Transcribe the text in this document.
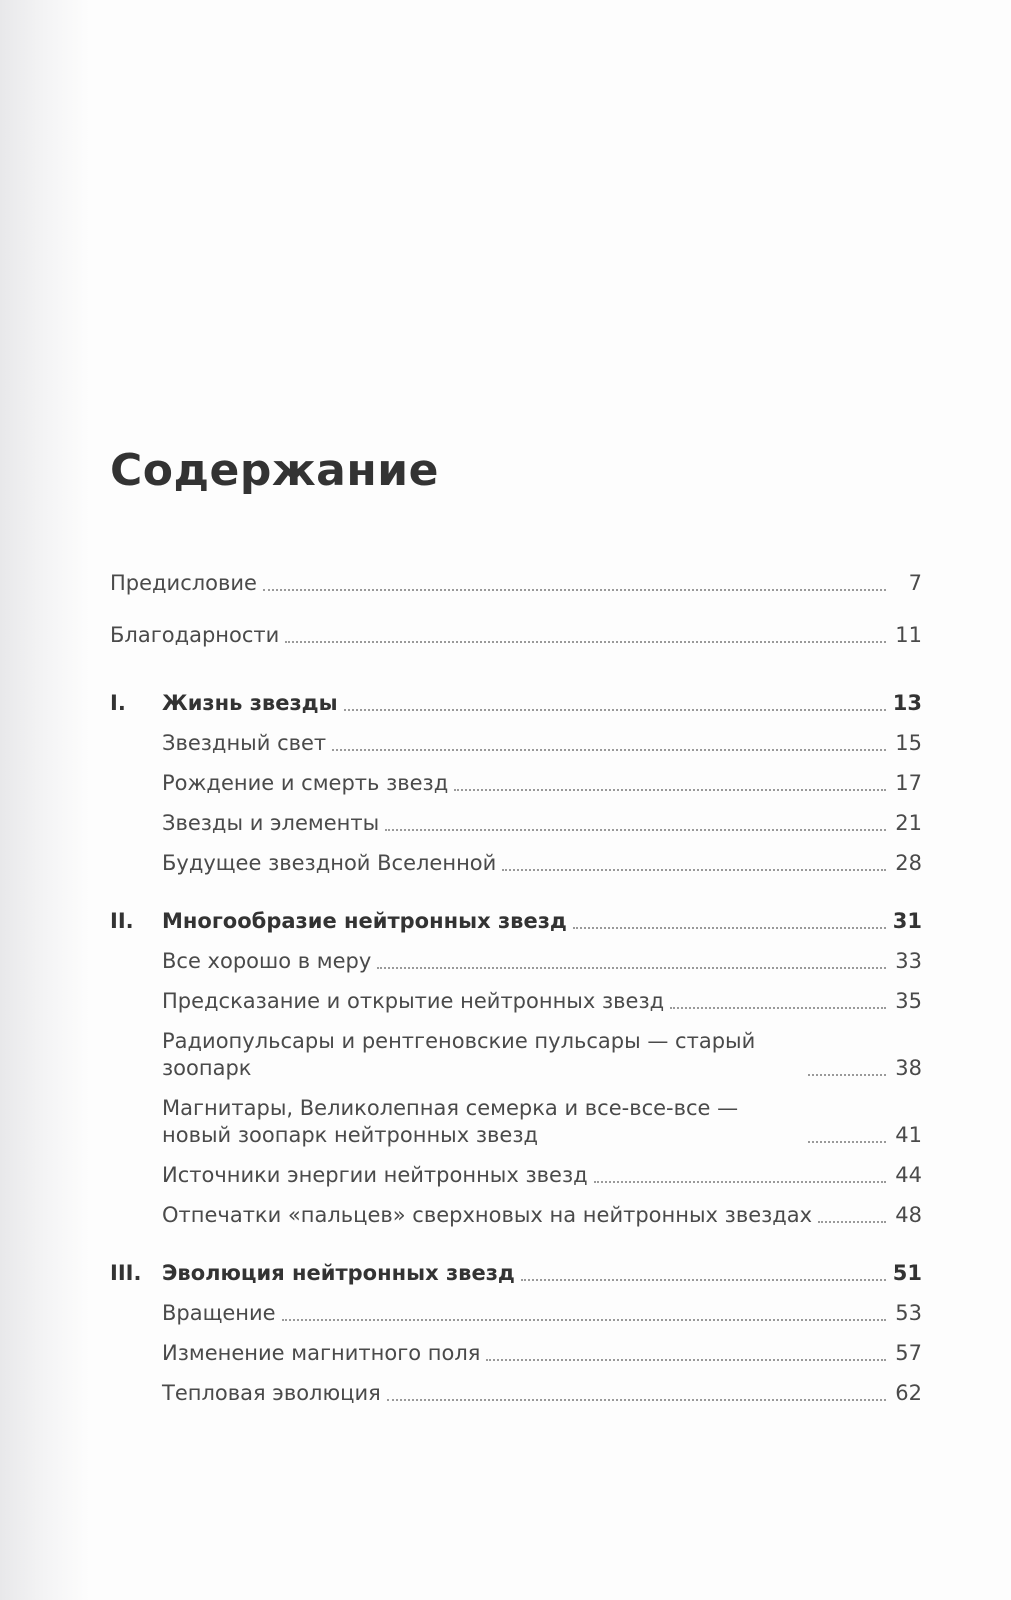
Содержание
Предисловие	7
Благодарности	11
I.	Жизнь звезды	13
Звездный свет	15
Рождение и смерть звезд	17
Звезды и элементы	21
Будущее звездной Вселенной	28
II.	Многообразие нейтронных звезд	31
Все хорошо в меру	33
Предсказание и открытие нейтронных звезд	35
Радиопульсары и рентгеновские пульсары — старый зоопарк	38
Магнитары, Великолепная семерка и все-все-все — новый зоопарк нейтронных звезд	41
Источники энергии нейтронных звезд	44
Отпечатки «пальцев» сверхновых на нейтронных звездах	48
III. Эволюция нейтронных звезд	51
Вращение	53
Изменение магнитного поля	57
Тепловая эволюция	62
